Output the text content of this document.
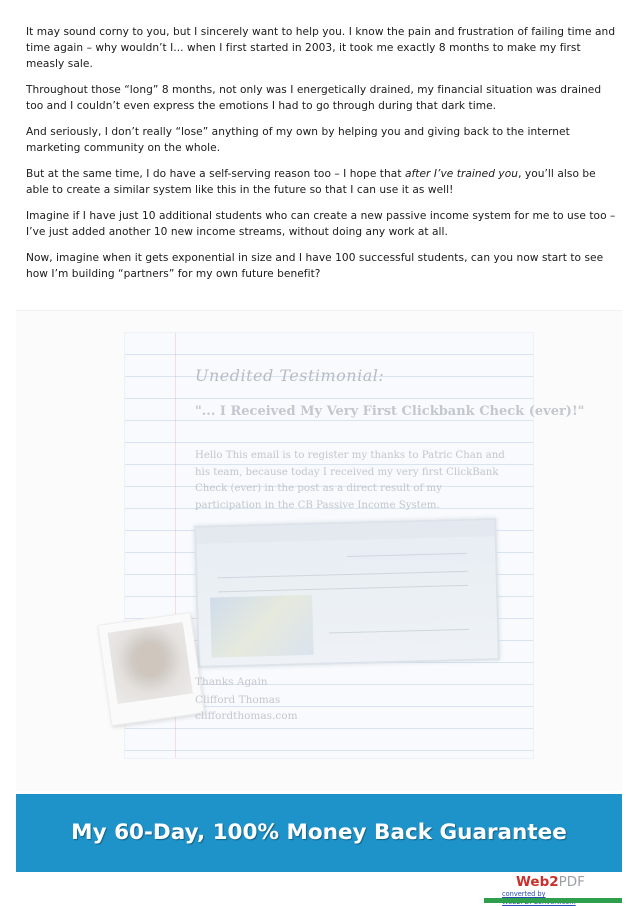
It may sound corny to you, but I sincerely want to help you. I know the pain and frustration of failing time and time again – why wouldn’t I... when I first started in 2003, it took me exactly 8 months to make my first measly sale.

Throughout those “long” 8 months, not only was I energetically drained, my financial situation was drained too and I couldn’t even express the emotions I had to go through during that dark time.

And seriously, I don’t really “lose” anything of my own by helping you and giving back to the internet marketing community on the whole.

But at the same time, I do have a self-serving reason too – I hope that after I’ve trained you, you’ll also be able to create a similar system like this in the future so that I can use it as well!

Imagine if I have just 10 additional students who can create a new passive income system for me to use too – I’ve just added another 10 new income streams, without doing any work at all.

Now, imagine when it gets exponential in size and I have 100 successful students, can you now start to see how I’m building “partners” for my own future benefit?

Unedited Testimonial:
"... I Received My Very First Clickbank Check (ever)!"
Hello This email is to register my thanks to Patric Chan and his team, because today I received my very first ClickBank Check (ever) in the post as a direct result of my participation in the CB Passive Income System.
Thanks Again
Clifford Thomas
cliffordthomas.com
My 60-Day, 100% Money Back Guarantee
Web2PDF
converted by
